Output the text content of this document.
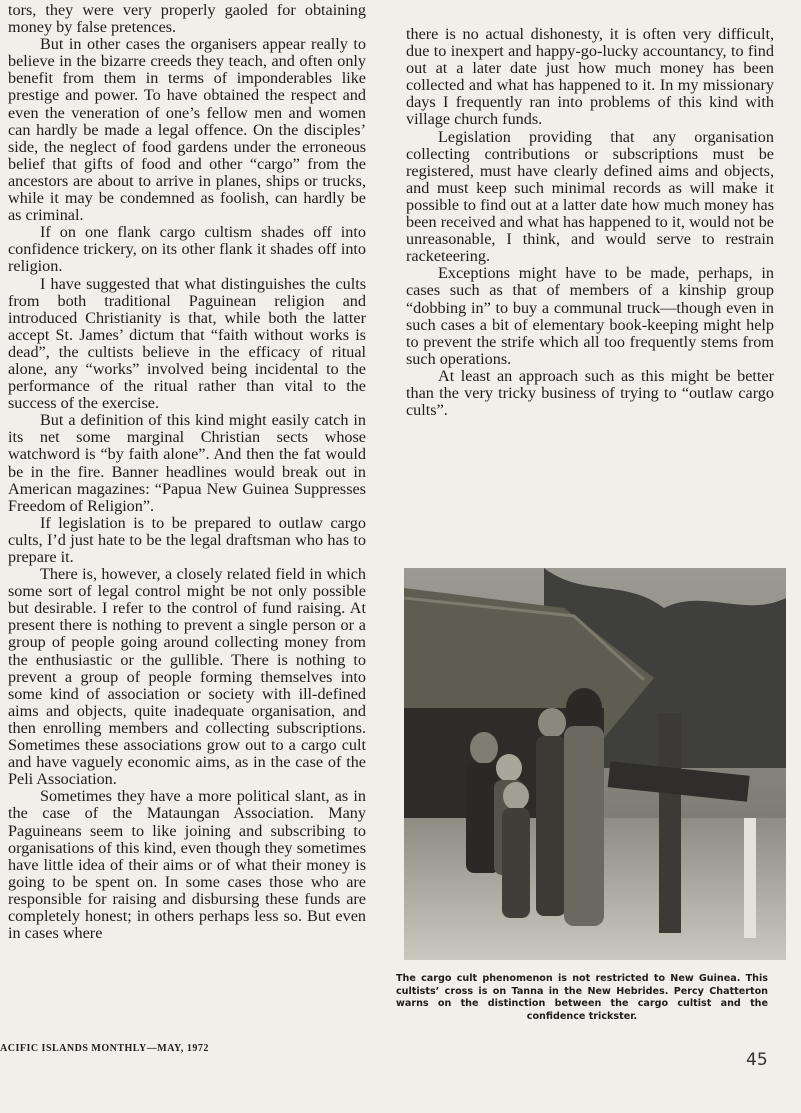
tors, they were very properly gaoled for obtaining money by false pretences.

But in other cases the organisers appear really to believe in the bizarre creeds they teach, and often only benefit from them in terms of imponderables like prestige and power. To have obtained the respect and even the veneration of one’s fellow men and women can hardly be made a legal offence. On the disciples’ side, the neglect of food gardens under the erroneous belief that gifts of food and other “cargo” from the ancestors are about to arrive in planes, ships or trucks, while it may be condemned as foolish, can hardly be as criminal.

If on one flank cargo cultism shades off into confidence trickery, on its other flank it shades off into religion.

I have suggested that what distinguishes the cults from both traditional Paguinean religion and introduced Christianity is that, while both the latter accept St. James’ dictum that “faith without works is dead”, the cultists believe in the efficacy of ritual alone, any “works” involved being incidental to the performance of the ritual rather than vital to the success of the exercise.

But a definition of this kind might easily catch in its net some marginal Christian sects whose watchword is “by faith alone”. And then the fat would be in the fire. Banner headlines would break out in American magazines: “Papua New Guinea Suppresses Freedom of Religion”.

If legislation is to be prepared to outlaw cargo cults, I’d just hate to be the legal draftsman who has to prepare it.

There is, however, a closely related field in which some sort of legal control might be not only possible but desirable. I refer to the control of fund raising. At present there is nothing to prevent a single person or a group of people going around collecting money from the enthusiastic or the gullible. There is nothing to prevent a group of people forming themselves into some kind of association or society with ill-defined aims and objects, quite inadequate organisation, and then enrolling members and collecting subscriptions. Sometimes these associations grow out to a cargo cult and have vaguely economic aims, as in the case of the Peli Association.

Sometimes they have a more political slant, as in the case of the Mataungan Association. Many Paguineans seem to like joining and subscribing to organisations of this kind, even though they sometimes have little idea of their aims or of what their money is going to be spent on. In some cases those who are responsible for raising and disbursing these funds are completely honest; in others perhaps less so. But even in cases where

there is no actual dishonesty, it is often very difficult, due to inexpert and happy-go-lucky accountancy, to find out at a later date just how much money has been collected and what has happened to it. In my missionary days I frequently ran into problems of this kind with village church funds.

Legislation providing that any organisation collecting contributions or subscriptions must be registered, must have clearly defined aims and objects, and must keep such minimal records as will make it possible to find out at a latter date how much money has been received and what has happened to it, would not be unreasonable, I think, and would serve to restrain racketeering.

Exceptions might have to be made, perhaps, in cases such as that of members of a kinship group “dobbing in” to buy a communal truck—though even in such cases a bit of elementary book-keeping might help to prevent the strife which all too frequently stems from such operations.

At least an approach such as this might be better than the very tricky business of trying to “outlaw cargo cults”.

The cargo cult phenomenon is not restricted to New Guinea. This cultists’ cross is on Tanna in the New Hebrides. Percy Chatterton warns on the distinction between the cargo cultist and the confidence trickster.
ACIFIC ISLANDS MONTHLY—MAY, 1972
45
